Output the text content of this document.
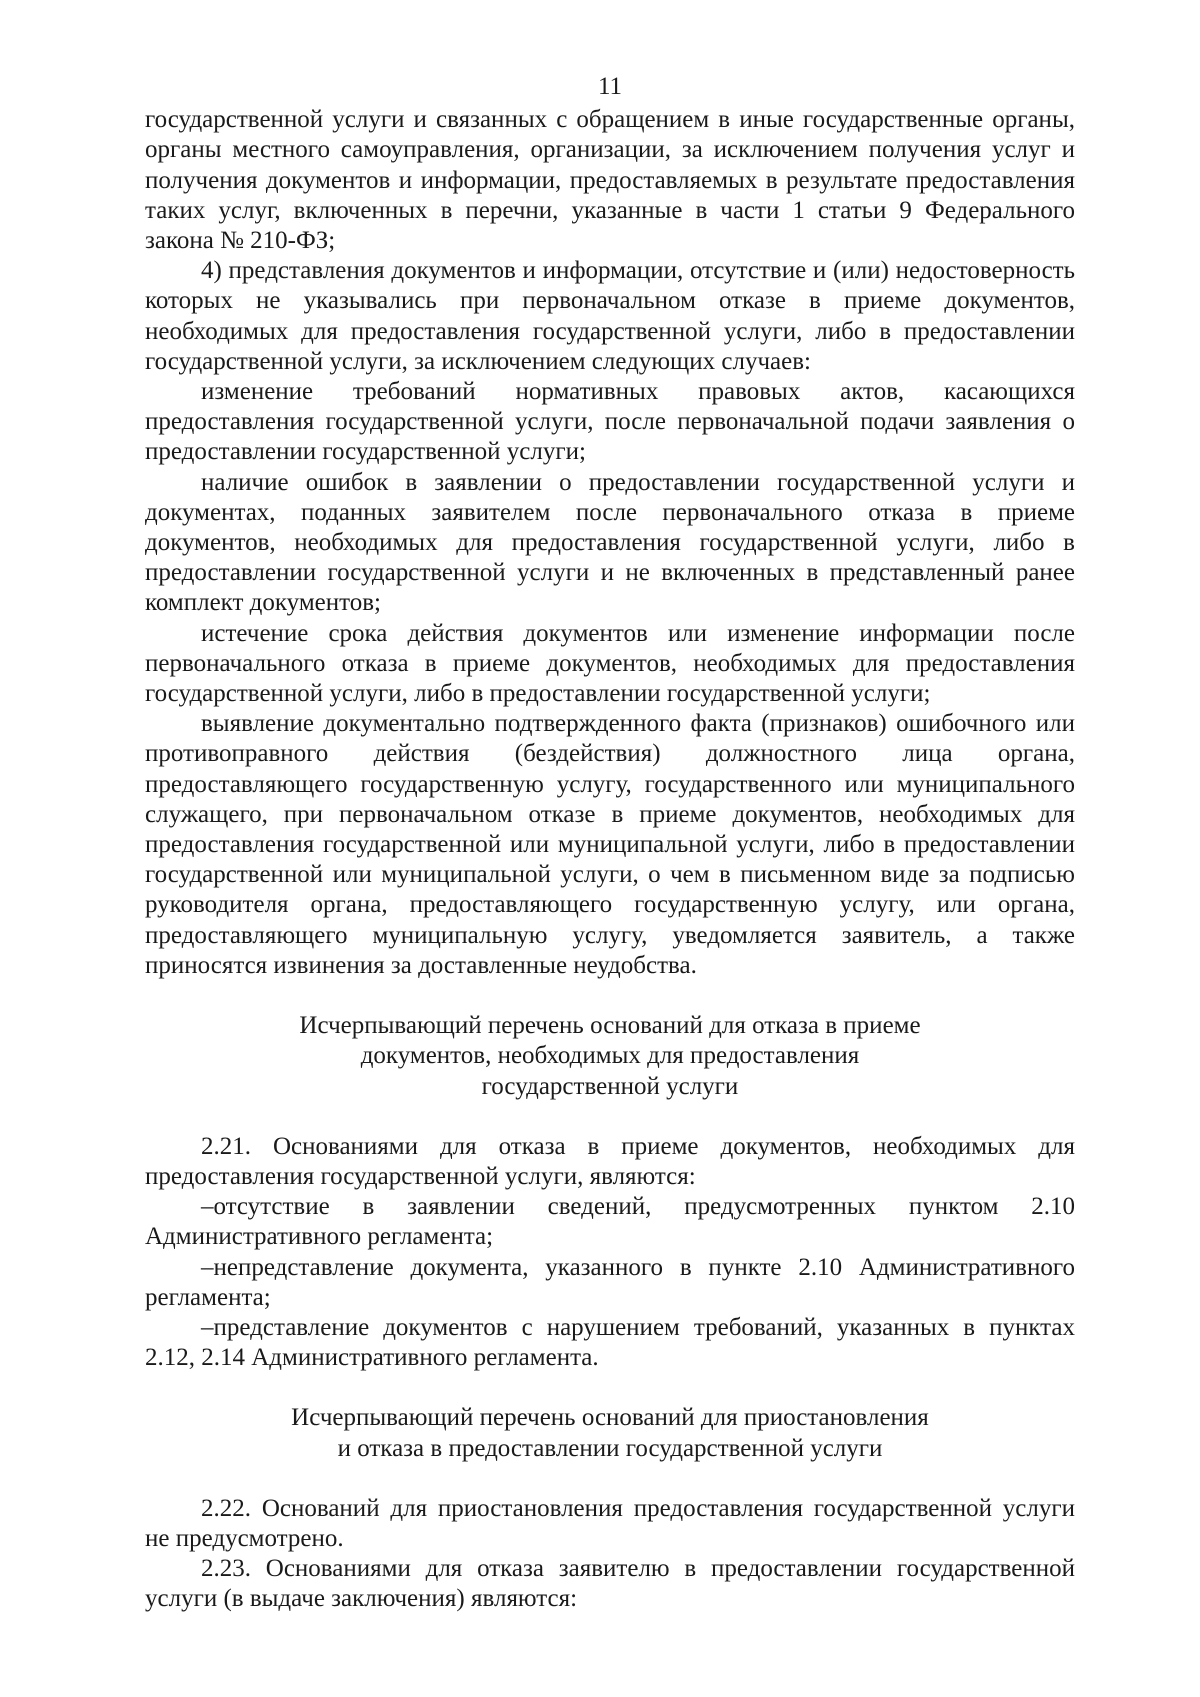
11

государственной услуги и связанных с обращением в иные государственные органы, органы местного самоуправления, организации, за исключением получения услуг и получения документов и информации, предоставляемых в результате предоставления таких услуг, включенных в перечни, указанные в части 1 статьи 9 Федерального закона № 210-ФЗ;

4) представления документов и информации, отсутствие и (или) недостоверность которых не указывались при первоначальном отказе в приеме документов, необходимых для предоставления государственной услуги, либо в предоставлении государственной услуги, за исключением следующих случаев:

изменение требований нормативных правовых актов, касающихся предоставления государственной услуги, после первоначальной подачи заявления о предоставлении государственной услуги;

наличие ошибок в заявлении о предоставлении государственной услуги и документах, поданных заявителем после первоначального отказа в приеме документов, необходимых для предоставления государственной услуги, либо в предоставлении государственной услуги и не включенных в представленный ранее комплект документов;

истечение срока действия документов или изменение информации после первоначального отказа в приеме документов, необходимых для предоставления государственной услуги, либо в предоставлении государственной услуги;

выявление документально подтвержденного факта (признаков) ошибочного или противоправного действия (бездействия) должностного лица органа, предоставляющего государственную услугу, государственного или муниципального служащего, при первоначальном отказе в приеме документов, необходимых для предоставления государственной или муниципальной услуги, либо в предоставлении государственной или муниципальной услуги, о чем в письменном виде за подписью руководителя органа, предоставляющего государственную услугу, или органа, предоставляющего муниципальную услугу, уведомляется заявитель, а также приносятся извинения за доставленные неудобства.

Исчерпывающий перечень оснований для отказа в приеме
документов, необходимых для предоставления
государственной услуги

2.21. Основаниями для отказа в приеме документов, необходимых для предоставления государственной услуги, являются:

–отсутствие в заявлении сведений, предусмотренных пунктом 2.10 Административного регламента;

–непредставление документа, указанного в пункте 2.10 Административного регламента;

–представление документов с нарушением требований, указанных в пунктах 2.12, 2.14 Административного регламента.

Исчерпывающий перечень оснований для приостановления
и отказа в предоставлении государственной услуги

2.22. Оснований для приостановления предоставления государственной услуги не предусмотрено.

2.23. Основаниями для отказа заявителю в предоставлении государственной услуги (в выдаче заключения) являются:
